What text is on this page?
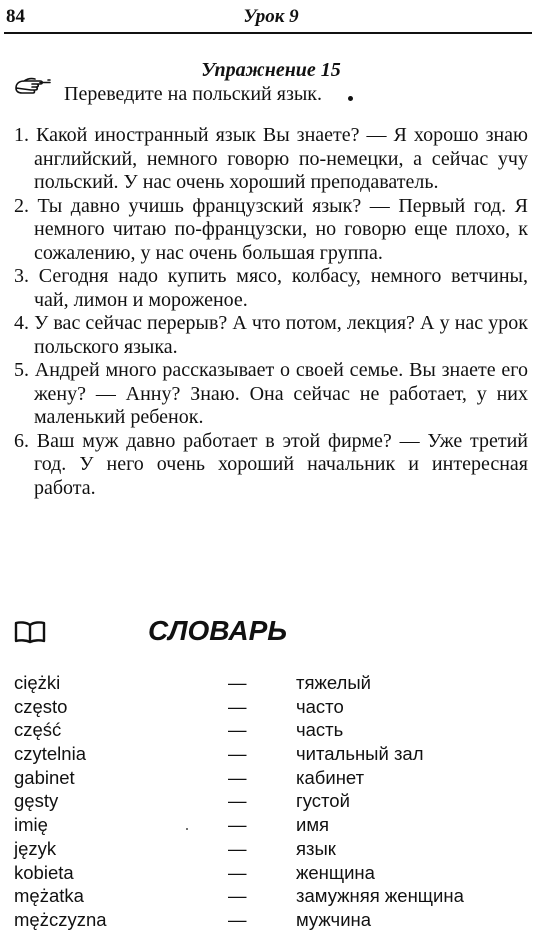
84	Урок 9
Упражнение 15
Переведите на польский язык.
1. Какой иностранный язык Вы знаете? — Я хорошо знаю английский, немного говорю по-немецки, а сейчас учу польский. У нас очень хороший преподаватель.
2. Ты давно учишь французский язык? — Первый год. Я немного читаю по-французски, но говорю еще плохо, к сожалению, у нас очень большая группа.
3. Сегодня надо купить мясо, колбасу, немного ветчины, чай, лимон и мороженое.
4. У вас сейчас перерыв? А что потом, лекция? А у нас урок польского языка.
5. Андрей много рассказывает о своей семье. Вы знаете его жену? — Анну? Знаю. Она сейчас не работает, у них маленький ребенок.
6. Ваш муж давно работает в этой фирме? — Уже третий год. У него очень хороший начальник и интересная работа.
СЛОВАРЬ
ciężki	—	тяжелый
często	—	часто
część	—	часть
czytelnia	—	читальный зал
gabinet	—	кабинет
gęsty	—	густой
imię	—	имя
język	—	язык
kobieta	—	женщина
mężatka	—	замужняя женщина
mężczyzna	—	мужчина
